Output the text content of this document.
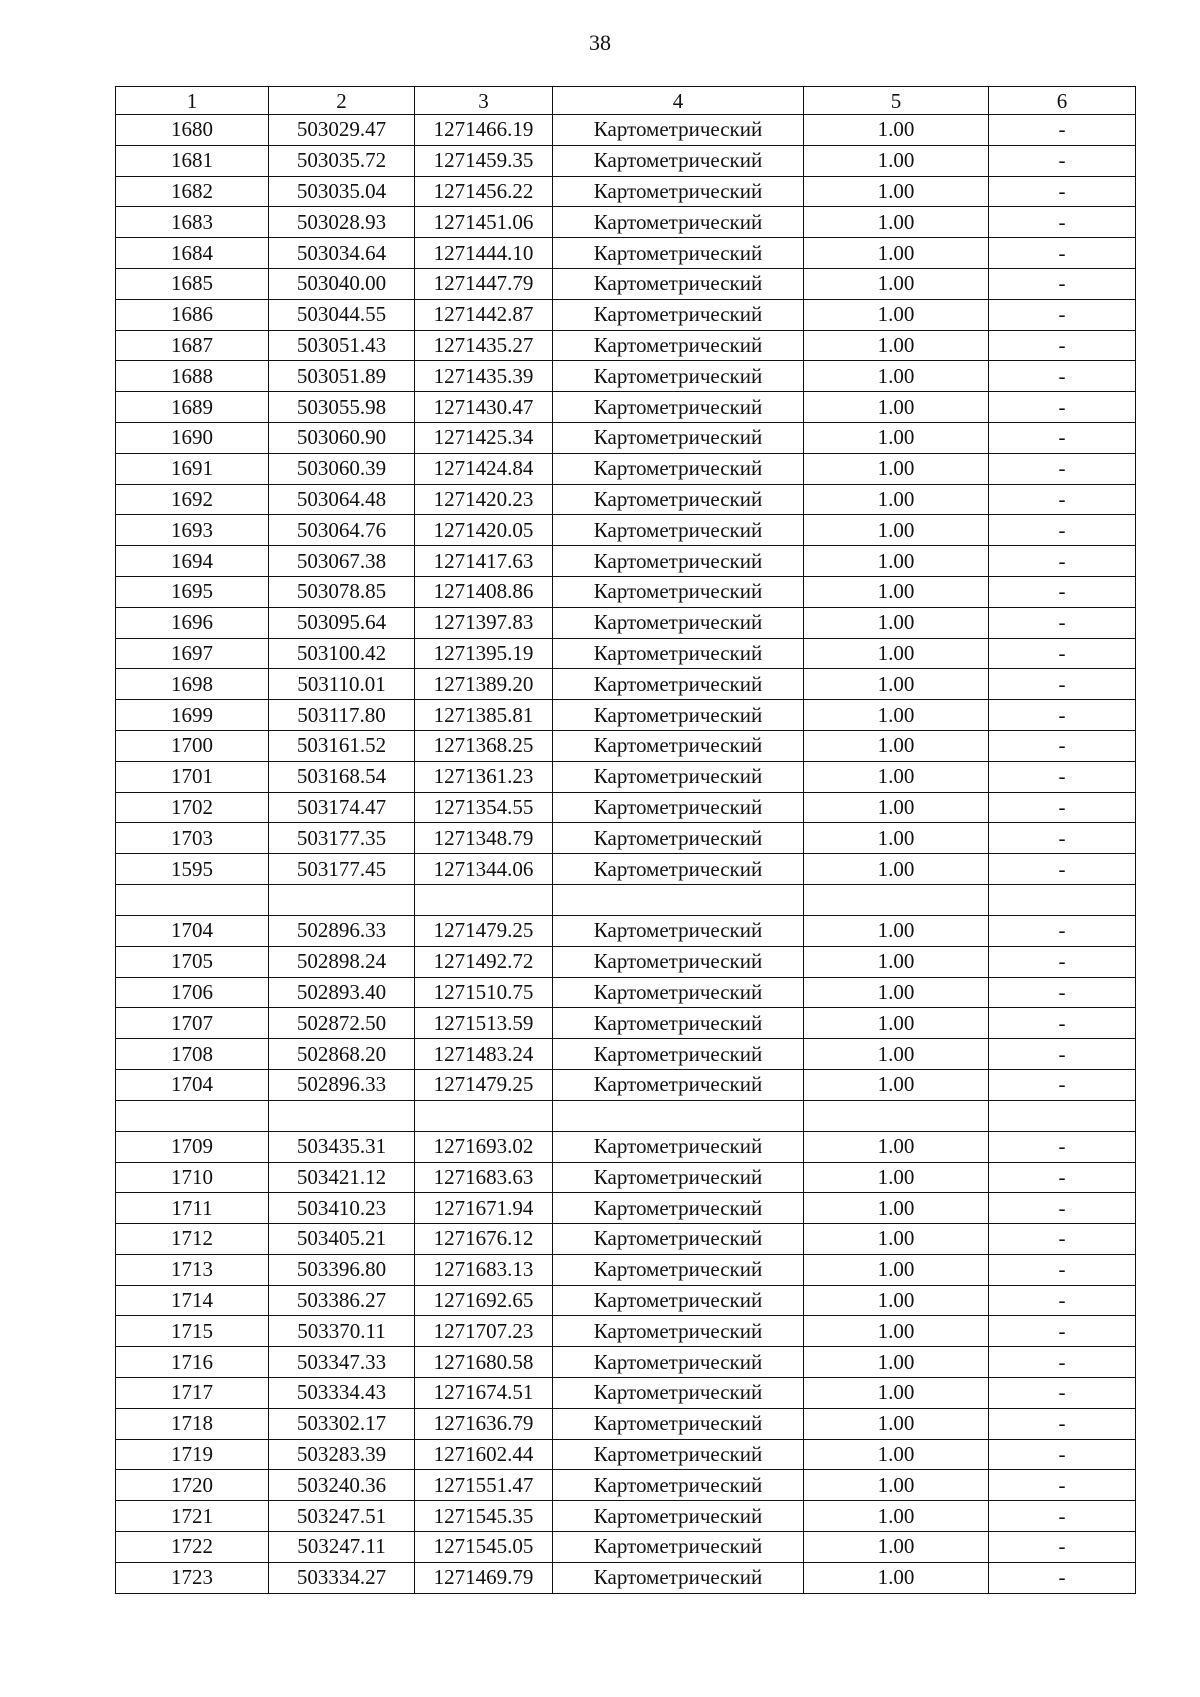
38
1	2	3	4	5	6
1680	503029.47	1271466.19	Картометрический	1.00	-
1681	503035.72	1271459.35	Картометрический	1.00	-
1682	503035.04	1271456.22	Картометрический	1.00	-
1683	503028.93	1271451.06	Картометрический	1.00	-
1684	503034.64	1271444.10	Картометрический	1.00	-
1685	503040.00	1271447.79	Картометрический	1.00	-
1686	503044.55	1271442.87	Картометрический	1.00	-
1687	503051.43	1271435.27	Картометрический	1.00	-
1688	503051.89	1271435.39	Картометрический	1.00	-
1689	503055.98	1271430.47	Картометрический	1.00	-
1690	503060.90	1271425.34	Картометрический	1.00	-
1691	503060.39	1271424.84	Картометрический	1.00	-
1692	503064.48	1271420.23	Картометрический	1.00	-
1693	503064.76	1271420.05	Картометрический	1.00	-
1694	503067.38	1271417.63	Картометрический	1.00	-
1695	503078.85	1271408.86	Картометрический	1.00	-
1696	503095.64	1271397.83	Картометрический	1.00	-
1697	503100.42	1271395.19	Картометрический	1.00	-
1698	503110.01	1271389.20	Картометрический	1.00	-
1699	503117.80	1271385.81	Картометрический	1.00	-
1700	503161.52	1271368.25	Картометрический	1.00	-
1701	503168.54	1271361.23	Картометрический	1.00	-
1702	503174.47	1271354.55	Картометрический	1.00	-
1703	503177.35	1271348.79	Картометрический	1.00	-
1595	503177.45	1271344.06	Картометрический	1.00	-

1704	502896.33	1271479.25	Картометрический	1.00	-
1705	502898.24	1271492.72	Картометрический	1.00	-
1706	502893.40	1271510.75	Картометрический	1.00	-
1707	502872.50	1271513.59	Картометрический	1.00	-
1708	502868.20	1271483.24	Картометрический	1.00	-
1704	502896.33	1271479.25	Картометрический	1.00	-

1709	503435.31	1271693.02	Картометрический	1.00	-
1710	503421.12	1271683.63	Картометрический	1.00	-
1711	503410.23	1271671.94	Картометрический	1.00	-
1712	503405.21	1271676.12	Картометрический	1.00	-
1713	503396.80	1271683.13	Картометрический	1.00	-
1714	503386.27	1271692.65	Картометрический	1.00	-
1715	503370.11	1271707.23	Картометрический	1.00	-
1716	503347.33	1271680.58	Картометрический	1.00	-
1717	503334.43	1271674.51	Картометрический	1.00	-
1718	503302.17	1271636.79	Картометрический	1.00	-
1719	503283.39	1271602.44	Картометрический	1.00	-
1720	503240.36	1271551.47	Картометрический	1.00	-
1721	503247.51	1271545.35	Картометрический	1.00	-
1722	503247.11	1271545.05	Картометрический	1.00	-
1723	503334.27	1271469.79	Картометрический	1.00	-
